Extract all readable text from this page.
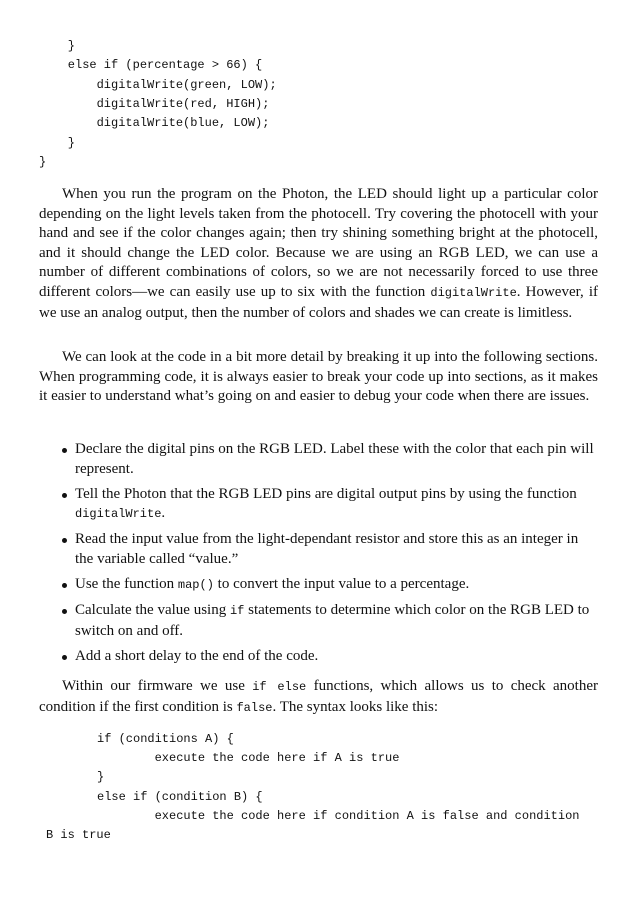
}
else if (percentage > 66) {
digitalWrite(green, LOW);
digitalWrite(red, HIGH);
digitalWrite(blue, LOW);
}
}

When you run the program on the Photon, the LED should light up a particular color depending on the light levels taken from the photocell. Try covering the photocell with your hand and see if the color changes again; then try shining something bright at the photocell, and it should change the LED color. Because we are using an RGB LED, we can use a number of different combinations of colors, so we are not necessarily forced to use three different colors—we can easily use up to six with the function digitalWrite. However, if we use an analog output, then the number of colors and shades we can create is limitless.

We can look at the code in a bit more detail by breaking it up into the following sections. When programming code, it is always easier to break your code up into sections, as it makes it easier to understand what’s going on and easier to debug your code when there are issues.

Declare the digital pins on the RGB LED. Label these with the color that each pin will represent.
Tell the Photon that the RGB LED pins are digital output pins by using the function digitalWrite.
Read the input value from the light-dependant resistor and store this as an integer in the variable called “value.”
Use the function map() to convert the input value to a percentage.
Calculate the value using if statements to determine which color on the RGB LED to switch on and off.
Add a short delay to the end of the code.

Within our firmware we use if else functions, which allows us to check another condition if the first condition is false. The syntax looks like this:

if (conditions A) {
execute the code here if A is true
}
else if (condition B) {
execute the code here if condition A is false and condition
B is true
